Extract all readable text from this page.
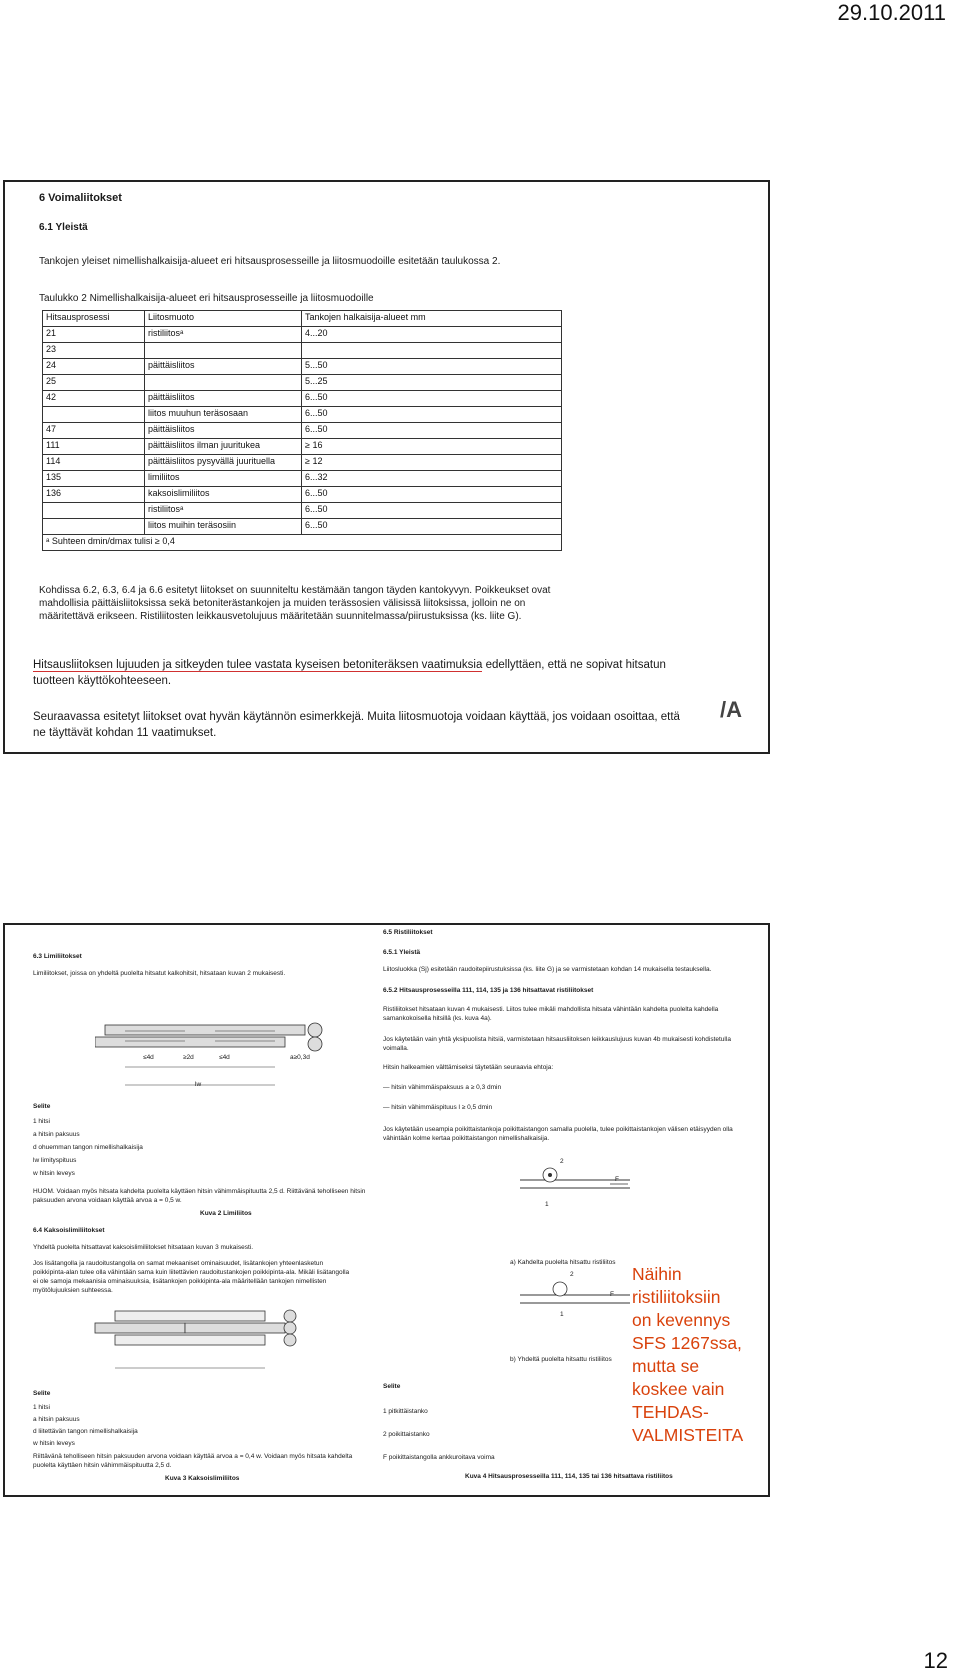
29.10.2011
6 Voimaliitokset
6.1 Yleistä
Tankojen yleiset nimellishalkaisija-alueet eri hitsausprosesseille ja liitosmuodoille esitetään taulukossa 2.
Taulukko 2 Nimellishalkaisija-alueet eri hitsausprosesseille ja liitosmuodoille
Hitsausprosessi	Liitosmuoto	Tankojen halkaisija-alueet mm
21	ristiliitosᵃ	4...20
23		
24	päittäisliitos	5...50
25		5...25
42	päittäisliitos	6...50
	liitos muuhun teräsosaan	6...50
47	päittäisliitos	6...50
111	päittäisliitos ilman juuritukea	≥ 16
114	päittäisliitos pysyvällä juurituella	≥ 12
135	limiliitos	6...32
136	kaksoislimiliitos	6...50
	ristiliitosᵃ	6...50
	liitos muihin teräsosiin	6...50
ᵃ Suhteen dmin/dmax tulisi ≥ 0,4		
Kohdissa 6.2, 6.3, 6.4 ja 6.6 esitetyt liitokset on suunniteltu kestämään tangon täyden kantokyvyn. Poikkeukset ovat mahdollisia päittäisliitoksissa sekä betoniterästankojen ja muiden terässosien välisissä liitoksissa, jolloin ne on määritettävä erikseen. Ristiliitosten leikkausvetolujuus määritetään suunnitelmassa/piirustuksissa (ks. liite G).
Hitsausliitoksen lujuuden ja sitkeyden tulee vastata kyseisen betoniteräksen vaatimuksia edellyttäen, että ne sopivat hitsatun tuotteen käyttökohteeseen.
Seuraavassa esitetyt liitokset ovat hyvän käytännön esimerkkejä. Muita liitosmuotoja voidaan käyttää, jos voidaan osoittaa, että ne täyttävät kohdan 11 vaatimukset.
/A
6.3 Limiliitokset
Limiliitokset, joissa on yhdeltä puolelta hitsatut kalkohitsit, hitsataan kuvan 2 mukaisesti.
≤4d	≥2d	≤4d	a≥0,3d
lw
Selite
1 hitsi
a hitsin paksuus
d ohuemman tangon nimellishalkaisija
lw limityspituus
w hitsin leveys
HUOM. Voidaan myös hitsata kahdelta puolelta käyttäen hitsin vähimmäispituutta 2,5 d. Riittävänä teholliseen hitsin paksuuden arvona voidaan käyttää arvoa a = 0,5 w.
Kuva 2 Limiliitos
6.4 Kaksoislimiliitokset
Yhdeltä puolelta hitsattavat kaksoislimiliitokset hitsataan kuvan 3 mukaisesti.
Jos lisätangolla ja raudoitustangolla on samat mekaaniset ominaisuudet, lisätankojen yhteenlasketun poikkipinta-alan tulee olla vähintään sama kuin liitettävien raudoitustankojen poikkipinta-ala. Mikäli lisätangolla ei ole samoja mekaanisia ominaisuuksia, lisätankojen poikkipinta-ala määritellään tankojen nimellisten myötölujuuksien suhteessa.
Selite
1 hitsi
a hitsin paksuus
d liitettävän tangon nimellishalkaisija
w hitsin leveys
Riittävänä teholliseen hitsin paksuuden arvona voidaan käyttää arvoa a = 0,4 w. Voidaan myös hitsata kahdelta puolelta käyttäen hitsin vähimmäispituutta 2,5 d.
Kuva 3 Kaksoislimiliitos
6.5 Ristiliitokset
6.5.1 Yleistä
Liitosluokka (Sj) esitetään raudoitepiirustuksissa (ks. liite G) ja se varmistetaan kohdan 14 mukaisella testauksella.
6.5.2 Hitsausprosesseilla 111, 114, 135 ja 136 hitsattavat ristiliitokset
Ristiliitokset hitsataan kuvan 4 mukaisesti. Liitos tulee mikäli mahdollista hitsata vähintään kahdelta puolelta kahdella samankokoisella hitsillä (ks. kuva 4a).
Jos käytetään vain yhtä yksipuolista hitsiä, varmistetaan hitsausliitoksen leikkauslujuus kuvan 4b mukaisesti kohdistetulla voimalla.
Hitsin halkeamien välttämiseksi täytetään seuraavia ehtoja:
— hitsin vähimmäispaksuus a ≥ 0,3 dmin
— hitsin vähimmäispituus l ≥ 0,5 dmin
Jos käytetään useampia poikittaistankoja poikittaistangon samalla puolella, tulee poikittaistankojen välisen etäisyyden olla vähintään kolme kertaa poikittaistangon nimellishalkaisija.
2
1
F
2
1
F
a) Kahdelta puolelta hitsattu ristiliitos
b) Yhdeltä puolelta hitsattu ristiliitos
Selite
1 pitkittäistanko
2 poikittaistanko
F poikittaistangolla ankkuroitava voima
Kuva 4 Hitsausprosesseilla 111, 114, 135 tai 136 hitsattava ristiliitos
Näihin
ristiliitoksiin
on kevennys
SFS 1267ssa,
mutta se
koskee vain
TEHDAS-
VALMISTEITA
12
